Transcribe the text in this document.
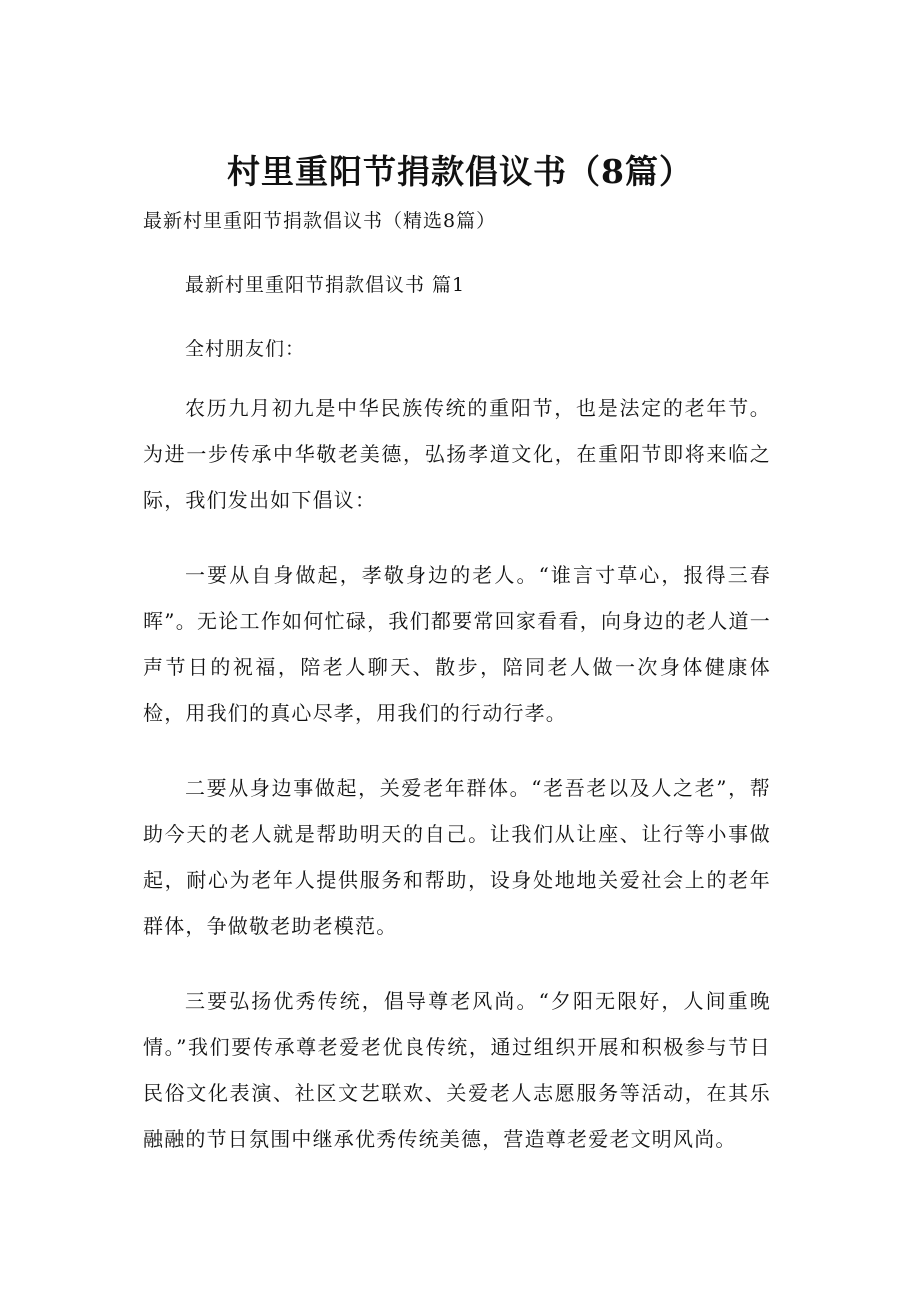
村里重阳节捐款倡议书（8篇）

最新村里重阳节捐款倡议书（精选8篇）

最新村里重阳节捐款倡议书 篇1

全村朋友们：

农历九月初九是中华民族传统的重阳节，也是法定的老年节。为进一步传承中华敬老美德，弘扬孝道文化，在重阳节即将来临之际，我们发出如下倡议：

一要从自身做起，孝敬身边的老人。“谁言寸草心，报得三春晖”。无论工作如何忙碌，我们都要常回家看看，向身边的老人道一声节日的祝福，陪老人聊天、散步，陪同老人做一次身体健康体检，用我们的真心尽孝，用我们的行动行孝。

二要从身边事做起，关爱老年群体。“老吾老以及人之老”，帮助今天的老人就是帮助明天的自己。让我们从让座、让行等小事做起，耐心为老年人提供服务和帮助，设身处地地关爱社会上的老年群体，争做敬老助老模范。

三要弘扬优秀传统，倡导尊老风尚。“夕阳无限好，人间重晚情。”我们要传承尊老爱老优良传统，通过组织开展和积极参与节日民俗文化表演、社区文艺联欢、关爱老人志愿服务等活动，在其乐融融的节日氛围中继承优秀传统美德，营造尊老爱老文明风尚。
